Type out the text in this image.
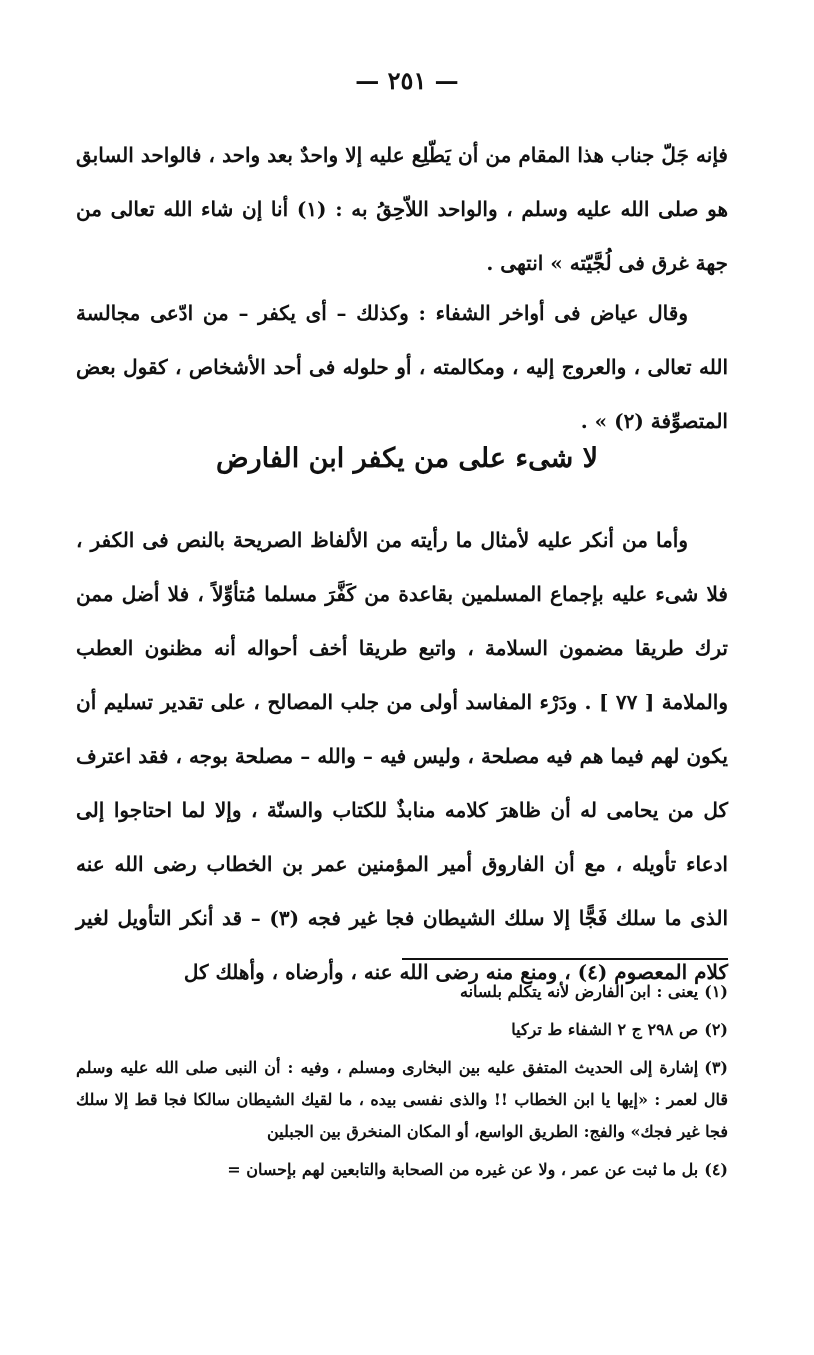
— ٢٥١ —
فإنه جَلّ جناب هذا المقام من أن يَطّلِع عليه إلا واحدٌ بعد واحد ، فالواحد السابق هو صلى الله عليه وسلم ، والواحد اللاّحِقُ به : (١) أنا إن شاء الله تعالى من جهة غرق فى لُجَّيّته » انتهى .
وقال عياض فى أواخر الشفاء : وكذلك – أى يكفر – من ادّعى مجالسة الله تعالى ، والعروج إليه ، ومكالمته ، أو حلوله فى أحد الأشخاص ، كقول بعض المتصوِّفة (٢) » .
لا شىء على من يكفر ابن الفارض
وأما من أنكر عليه لأمثال ما رأيته من الألفاظ الصريحة بالنص فى الكفر ، فلا شىء عليه بإجماع المسلمين بقاعدة من كَفَّرَ مسلما مُتأوِّلاً ، فلا أضل ممن ترك طريقا مضمون السلامة ، واتبع طريقا أخف أحواله أنه مظنون العطب والملامة [ ٧٧ ] . ودَرْء المفاسد أولى من جلب المصالح ، على تقدير تسليم أن يكون لهم فيما هم فيه مصلحة ، وليس فيه – والله – مصلحة بوجه ، فقد اعترف كل من يحامى له أن ظاهرَ كلامه منابذٌ للكتاب والسنّة ، وإلا لما احتاجوا إلى ادعاء تأويله ، مع أن الفاروق أمير المؤمنين عمر بن الخطاب رضى الله عنه الذى ما سلك فَجًّا إلا سلك الشيطان فجا غير فجه (٣) – قد أنكر التأويل لغير كلام المعصوم (٤) ، ومنع منه رضى الله عنه ، وأرضاه ، وأهلك كل
(١)يعنى : ابن الفارض لأنه يتكلم بلسانه
(٢)ص ٢٩٨ ج ٢ الشفاء ط تركيا
(٣)إشارة إلى الحديث المتفق عليه بين البخارى ومسلم ، وفيه : أن النبى صلى الله عليه وسلم قال لعمر : «إيها يا ابن الخطاب !! والذى نفسى بيده ، ما لقيك الشيطان سالكا فجا قط إلا سلك فجا غير فجك» والفج: الطريق الواسع، أو المكان المنخرق بين الجبلين
(٤)بل ما ثبت عن عمر ، ولا عن غيره من الصحابة والتابعين لهم بإحسان =
